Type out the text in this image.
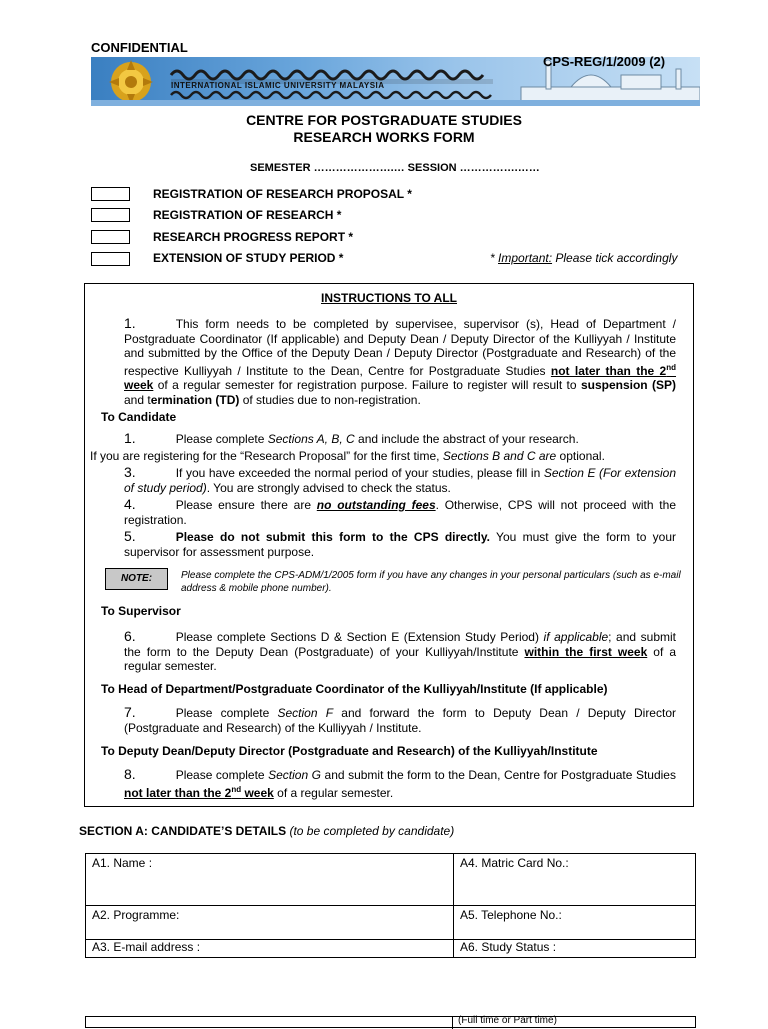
CONFIDENTIAL
INTERNATIONAL ISLAMIC UNIVERSITY MALAYSIA
CPS-REG/1/2009 (2)
CENTRE FOR POSTGRADUATE STUDIES
RESEARCH WORKS FORM
SEMESTER ………………….… SESSION …………….……
REGISTRATION OF RESEARCH PROPOSAL *
REGISTRATION OF RESEARCH *
RESEARCH PROGRESS REPORT *
EXTENSION OF STUDY PERIOD *	* Important: Please tick accordingly
INSTRUCTIONS TO ALL
1.	This form needs to be completed by supervisee, supervisor (s), Head of Department / Postgraduate Coordinator (If applicable) and Deputy Dean / Deputy Director of the Kulliyyah / Institute and submitted by the Office of the Deputy Dean / Deputy Director (Postgraduate and Research) of the respective Kulliyyah / Institute to the Dean, Centre for Postgraduate Studies not later than the 2nd week of a regular semester for registration purpose. Failure to register will result to suspension (SP) and termination (TD) of studies due to non-registration.
To Candidate
1.	Please complete Sections A, B, C and include the abstract of your research.
If you are registering for the “Research Proposal” for the first time, Sections B and C are optional.
3.	If you have exceeded the normal period of your studies, please fill in Section E (For extension of study period). You are strongly advised to check the status.
4.	Please ensure there are no outstanding fees. Otherwise, CPS will not proceed with the registration.
5.	Please do not submit this form to the CPS directly. You must give the form to your supervisor for assessment purpose.
NOTE:	Please complete the CPS-ADM/1/2005 form if you have any changes in your personal particulars (such as e-mail address & mobile phone number).
To Supervisor
6.	Please complete Sections D & Section E (Extension Study Period) if applicable; and submit the form to the Deputy Dean (Postgraduate) of your Kulliyyah/Institute within the first week of a regular semester.
To Head of Department/Postgraduate Coordinator of the Kulliyyah/Institute (If applicable)
7.	Please complete Section F and forward the form to Deputy Dean / Deputy Director (Postgraduate and Research) of the Kulliyyah / Institute.
To Deputy Dean/Deputy Director (Postgraduate and Research) of the Kulliyyah/Institute
8.	Please complete Section G and submit the form to the Dean, Centre for Postgraduate Studies not later than the 2nd week of a regular semester.
SECTION A: CANDIDATE’S DETAILS (to be completed by candidate)
A1. Name :	A4. Matric Card No.:
A2. Programme:	A5. Telephone No.:
A3. E-mail address :	A6. Study Status :
(Full time or Part time)
